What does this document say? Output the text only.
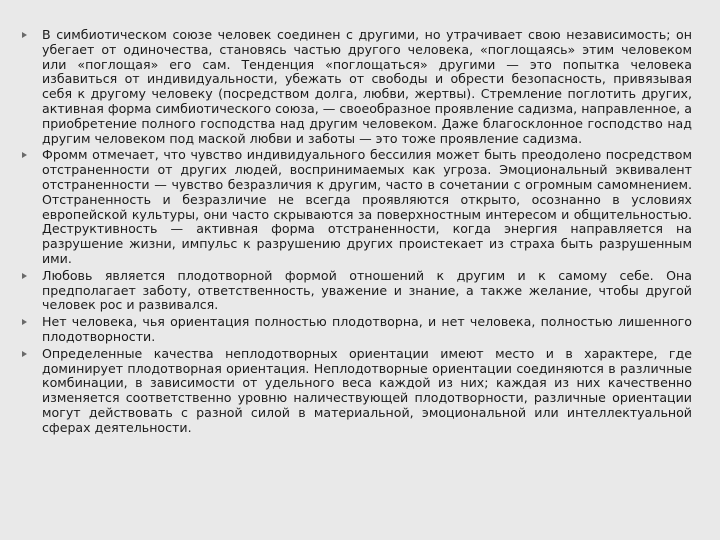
В симбиотическом союзе человек соединен с другими, но утрачивает свою независимость; он убегает от одиночества, становясь частью другого человека, «поглощаясь» этим человеком или «поглощая» его сам. Тенденция «поглощаться» другими — это попытка человека избавиться от индивидуальности, убежать от свободы и обрести безопасность, привязывая себя к другому человеку (посредством долга, любви, жертвы). Стремление поглотить других, активная форма симбиотического союза, — своеобразное проявление садизма, направленное, а приобретение полного господства над другим человеком. Даже благосклонное господство над другим человеком под маской любви и заботы — это тоже проявление садизма.
Фромм отмечает, что чувство индивидуального бессилия может быть преодолено посредством отстраненности от других людей, воспринимаемых как угроза. Эмоциональный эквивалент отстраненности — чувство безразличия к другим, часто в сочетании с огромным самомнением. Отстраненность и безразличие не всегда проявляются открыто, осознанно в условиях европейской культуры, они часто скрываются за поверхностным интересом и общительностью. Деструктивность — активная форма отстраненности, когда энергия направляется на разрушение жизни, импульс к разрушению других проистекает из страха быть разрушенным ими.
Любовь является плодотворной формой отношений к другим и к самому себе. Она предполагает заботу, ответственность, уважение и знание, а также желание, чтобы другой человек рос и развивался.
Нет человека, чья ориентация полностью плодотворна, и нет человека, полностью лишенного плодотворности.
Определенные качества неплодотворных ориентации имеют место и в характере, где доминирует плодотворная ориентация. Неплодотворные ориентации соединяются в различные комбинации, в зависимости от удельного веса каждой из них; каждая из них качественно изменяется соответственно уровню наличествующей плодотворности, различные ориентации могут действовать с разной силой в материальной, эмоциональной или интеллектуальной сферах деятельности.
